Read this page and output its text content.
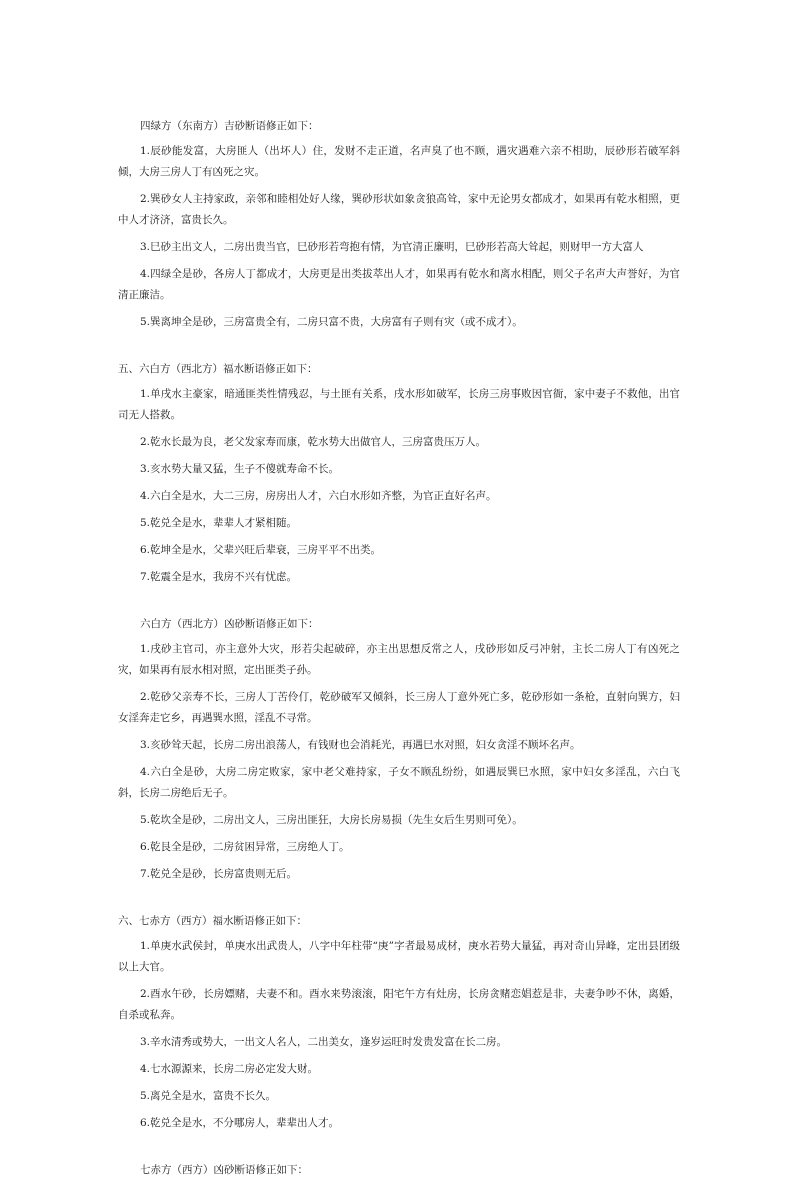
四绿方（东南方）吉砂断语修正如下：

1.辰砂能发富，大房匪人（出坏人）住，发财不走正道，名声臭了也不顾，遇灾遇难六亲不相助，辰砂形若破军斜倾，大房三房人丁有凶死之灾。

2.巽砂女人主持家政，亲邻和睦相处好人缘，巽砂形状如象贪狼高耸，家中无论男女都成才，如果再有乾水相照，更中人才济济，富贵长久。

3.巳砂主出文人，二房出贵当官，巳砂形若弯抱有情，为官清正廉明，巳砂形若高大耸起，则财甲一方大富人

4.四绿全是砂，各房人丁都成才，大房更是出类拔萃出人才，如果再有乾水和离水相配，则父子名声大声誉好，为官清正廉洁。

5.巽离坤全是砂，三房富贵全有，二房只富不贵，大房富有子则有灾（或不成才）。

五、六白方（西北方）福水断语修正如下：

1.单戌水主豪家，暗通匪类性情残忍，与土匪有关系，戌水形如破军，长房三房事败因官衙，家中妻子不救他，出官司无人搭救。

2.乾水长最为良，老父发家寿而康，乾水势大出做官人，三房富贵压万人。

3.亥水势大量又猛，生子不傻就寿命不长。

4.六白全是水，大二三房，房房出人才，六白水形如齐整，为官正直好名声。

5.乾兑全是水，辈辈人才紧相随。

6.乾坤全是水，父辈兴旺后辈衰，三房平平不出类。

7.乾震全是水，我房不兴有忧虑。

六白方（西北方）凶砂断语修正如下：

1.戌砂主官司，亦主意外大灾，形若尖起破碎，亦主出思想反常之人，戌砂形如反弓冲射，主长二房人丁有凶死之灾，如果再有辰水相对照，定出匪类子孙。

2.乾砂父亲寿不长，三房人丁苦伶仃，乾砂破军又倾斜，长三房人丁意外死亡多，乾砂形如一条枪，直射向巽方，妇女淫奔走它乡，再遇巽水照，淫乱不寻常。

3.亥砂耸天起，长房二房出浪荡人，有钱财也会消耗光，再遇巳水对照，妇女贪淫不顾坏名声。

4.六白全是砂，大房二房定败家，家中老父难持家，子女不顾乱纷纷，如遇辰巽巳水照，家中妇女多淫乱，六白飞斜，长房二房绝后无子。

5.乾坎全是砂，二房出文人，三房出匪狂，大房长房易损（先生女后生男则可免）。

6.乾艮全是砂，二房贫困异常，三房绝人丁。

7.乾兑全是砂，长房富贵则无后。

六、七赤方（西方）福水断语修正如下：

1.单庚水武侯封，单庚水出武贵人，八字中年柱带“庚”字者最易成材，庚水若势大量猛，再对奇山异峰，定出县团级以上大官。

2.酉水午砂，长房嫖赌，夫妻不和。酉水来势滚滚，阳宅午方有灶房，长房贪赌恋娼惹是非，夫妻争吵不休，离婚，自杀或私奔。

3.辛水清秀或势大，一出文人名人，二出美女，逢岁运旺时发贵发富在长二房。

4.七水源源来，长房二房必定发大财。

5.离兑全是水，富贵不长久。

6.乾兑全是水，不分哪房人，辈辈出人才。

七赤方（西方）凶砂断语修正如下：
